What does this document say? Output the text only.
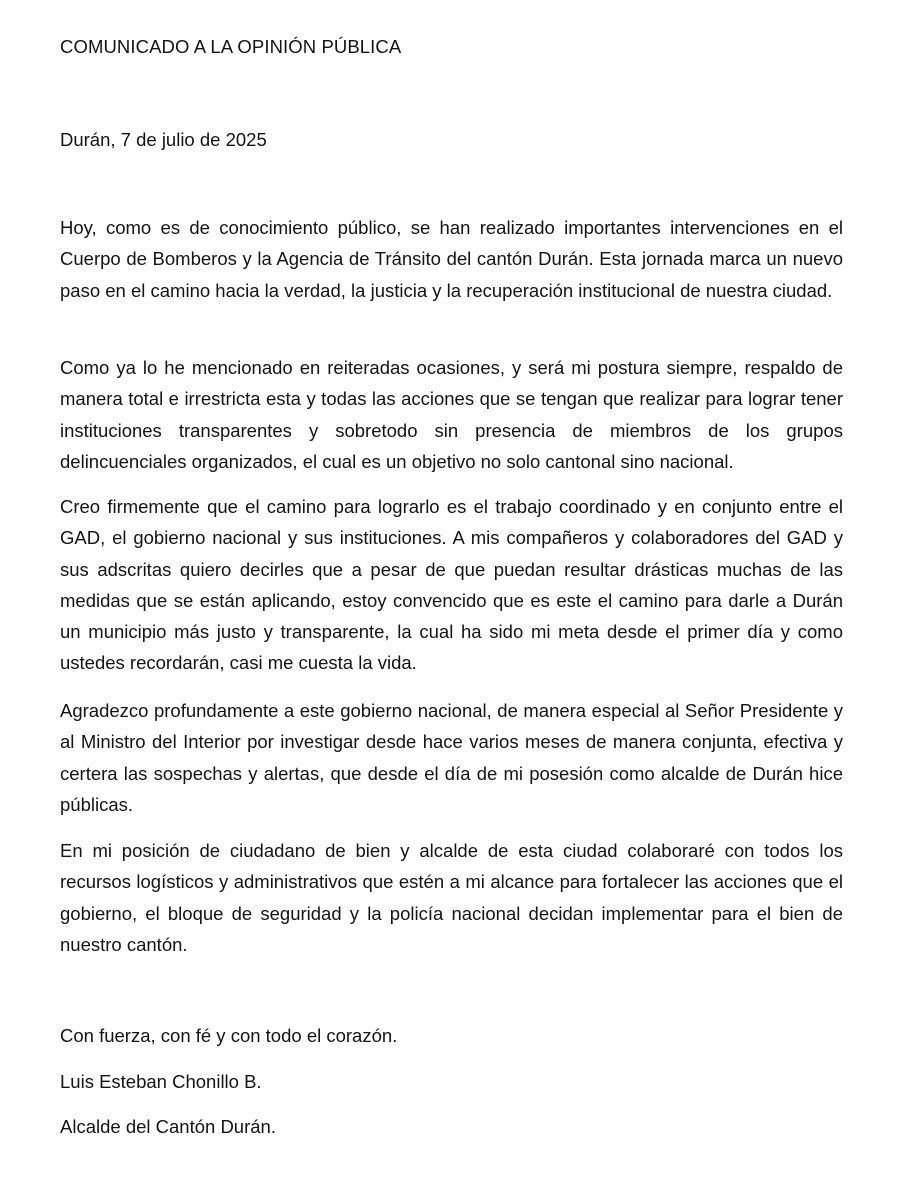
COMUNICADO A LA OPINIÓN PÚBLICA
Durán, 7 de julio de 2025

Hoy, como es de conocimiento público, se han realizado importantes intervenciones en el Cuerpo de Bomberos y la Agencia de Tránsito del cantón Durán. Esta jornada marca un nuevo paso en el camino hacia la verdad, la justicia y la recuperación institucional de nuestra ciudad.

Como ya lo he mencionado en reiteradas ocasiones, y será mi postura siempre, respaldo de manera total e irrestricta esta y todas las acciones que se tengan que realizar para lograr tener instituciones transparentes y sobretodo sin presencia de miembros de los grupos delincuenciales organizados, el cual es un objetivo no solo cantonal sino nacional.

Creo firmemente que el camino para lograrlo es el trabajo coordinado y en conjunto entre el GAD, el gobierno nacional y sus instituciones. A mis compañeros y colaboradores del GAD y sus adscritas quiero decirles que a pesar de que puedan resultar drásticas muchas de las medidas que se están aplicando, estoy convencido que es este el camino para darle a Durán un municipio más justo y transparente, la cual ha sido mi meta desde el primer día y como ustedes recordarán, casi me cuesta la vida.

Agradezco profundamente a este gobierno nacional, de manera especial al Señor Presidente y al Ministro del Interior por investigar desde hace varios meses de manera conjunta, efectiva y certera las sospechas y alertas, que desde el día de mi posesión como alcalde de Durán hice públicas.

En mi posición de ciudadano de bien y alcalde de esta ciudad colaboraré con todos los recursos logísticos y administrativos que estén a mi alcance para fortalecer las acciones que el gobierno, el bloque de seguridad y la policía nacional decidan implementar para el bien de nuestro cantón.

Con fuerza, con fé y con todo el corazón.
Luis Esteban Chonillo B.
Alcalde del Cantón Durán.
